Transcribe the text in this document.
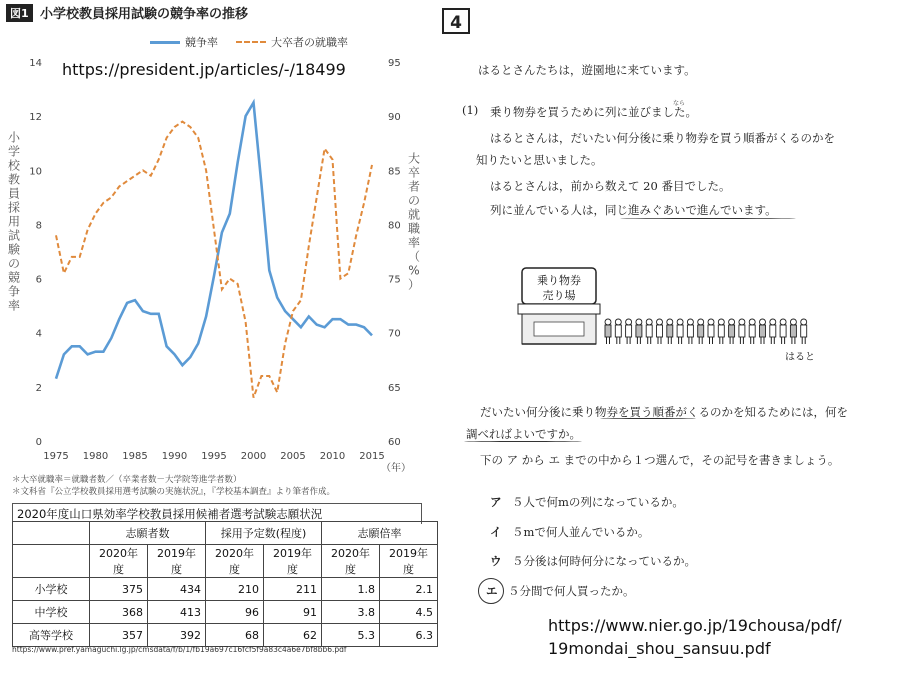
図1 小学校教員採用試験の競争率の推移
競争率	大卒者の就職率
0
2
4
6
8
10
12
14
60
65
70
75
80
85
90
95
1975 1980 1985 1990 1995 2000 2005 2010 2015
（年）
小
学
校
教
員
採
用
試
験
の
競
争
率
大
卒
者
の
就
職
率
（
%
）
https://president.jp/articles/-/18499
＊大卒就職率＝就職者数／（卒業者数－大学院等進学者数）
＊文科省『公立学校教員採用選考試験の実施状況』，『学校基本調査』より筆者作成。
2020年度山口県効率学校教員採用候補者選考試験志願状況
	志願者数		採用予定数(程度)		志願倍率	
	2020年度	2019年度	2020年度	2019年度	2020年度	2019年度
小学校	375	434	210	211	1.8	2.1
中学校	368	413	96	91	3.8	4.5
高等学校	357	392	68	62	5.3	6.3
https://www.pref.yamaguchi.lg.jp/cmsdata/f/b/1/fb19a697c16fcf5f9a83c4a6e7bf8bb6.pdf
4
はるとさんたちは，遊園地に来ています。
(1)	なら
乗り物券を買うために列に並びました。
はるとさんは，だいたい何分後に乗り物券を買う順番がくるのかを
知りたいと思いました。
はるとさんは，前から数えて 20 番目でした。
列に並んでいる人は，同じ進みぐあいで進んでいます。
乗り物券
売り場
はると
だいたい何分後に乗り物券を買う順番がくるのかを知るためには，何を
調べればよいですか。
下の ア から エ までの中から１つ選んで，その記号を書きましょう。
ア ５人で何mの列になっているか。
イ ５mで何人並んでいるか。
ウ ５分後は何時何分になっているか。
エ ５分間で何人買ったか。
https://www.nier.go.jp/19chousa/pdf/
19mondai_shou_sansuu.pdf
